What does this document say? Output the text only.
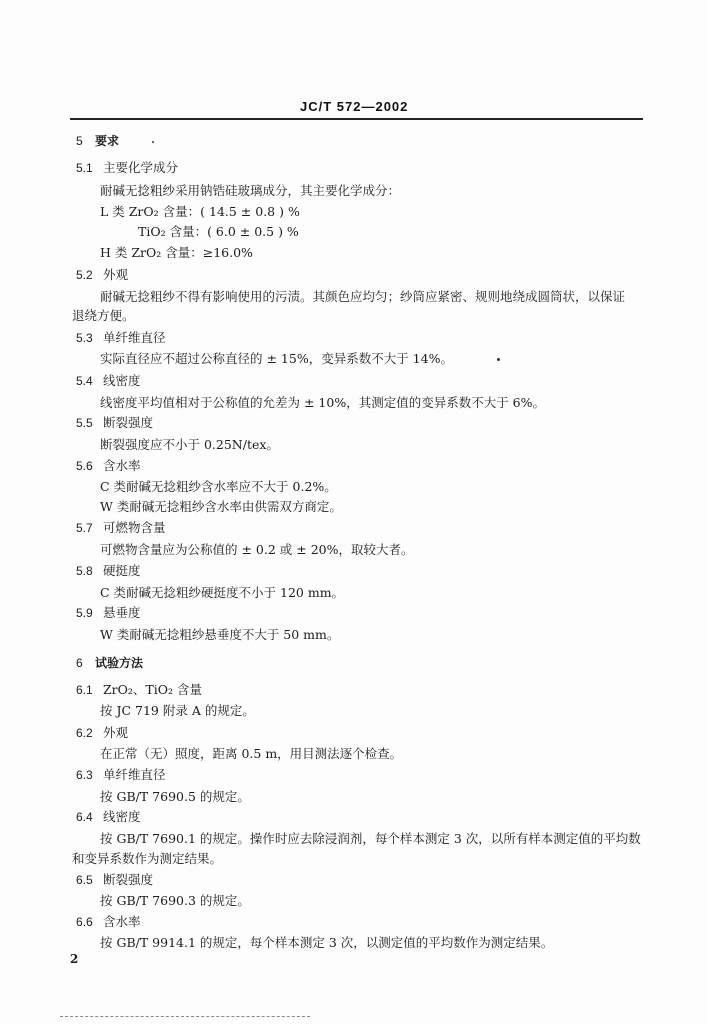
JC/T 572—2002
5 要求
5.1 主要化学成分
耐碱无捻粗纱采用钠锆硅玻璃成分，其主要化学成分：
L 类 ZrO₂ 含量：( 14.5 ± 0.8 ) %
TiO₂ 含量：( 6.0 ± 0.5 ) %
H 类 ZrO₂ 含量：≥16.0%
5.2 外观
耐碱无捻粗纱不得有影响使用的污渍。其颜色应均匀；纱筒应紧密、规则地绕成圆筒状，以保证
退绕方便。
5.3 单纤维直径
实际直径应不超过公称直径的 ± 15%，变异系数不大于 14%。
5.4 线密度
线密度平均值相对于公称值的允差为 ± 10%，其测定值的变异系数不大于 6%。
5.5 断裂强度
断裂强度应不小于 0.25N/tex。
5.6 含水率
C 类耐碱无捻粗纱含水率应不大于 0.2%。
W 类耐碱无捻粗纱含水率由供需双方商定。
5.7 可燃物含量
可燃物含量应为公称值的 ± 0.2 或 ± 20%，取较大者。
5.8 硬挺度
C 类耐碱无捻粗纱硬挺度不小于 120 mm。
5.9 悬垂度
W 类耐碱无捻粗纱悬垂度不大于 50 mm。
6 试验方法
6.1 ZrO₂、TiO₂ 含量
按 JC 719 附录 A 的规定。
6.2 外观
在正常（无）照度，距离 0.5 m，用目测法逐个检查。
6.3 单纤维直径
按 GB/T 7690.5 的规定。
6.4 线密度
按 GB/T 7690.1 的规定。操作时应去除浸润剂，每个样本测定 3 次，以所有样本测定值的平均数
和变异系数作为测定结果。
6.5 断裂强度
按 GB/T 7690.3 的规定。
6.6 含水率
按 GB/T 9914.1 的规定，每个样本测定 3 次，以测定值的平均数作为测定结果。
2
